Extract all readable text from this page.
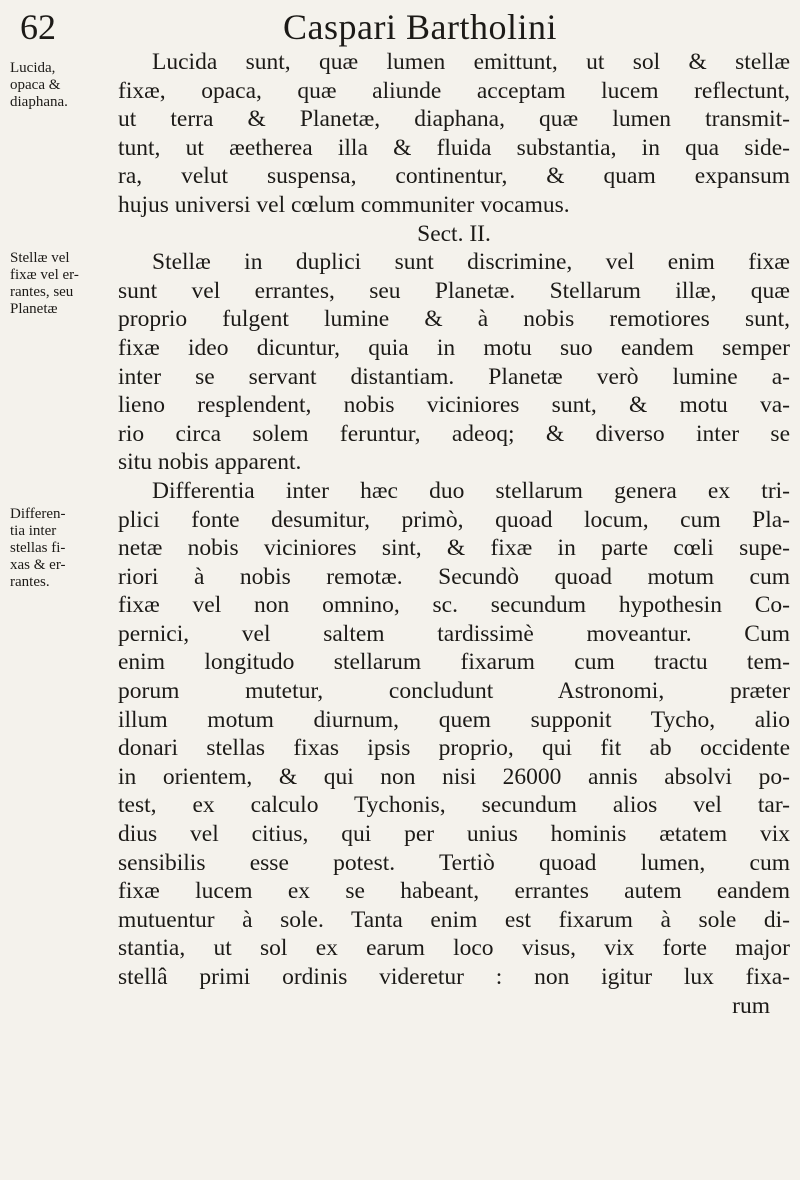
62	Caspari Bartholini
Lucida,
opaca &
diaphana.
Stellæ vel
fixæ vel er-
rantes, seu
Planetæ
Differen-
tia inter
stellas fi-
xas & er-
rantes.
Lucida sunt, quæ lumen emittunt, ut sol & stellæ
fixæ, opaca, quæ aliunde acceptam lucem reflectunt,
ut terra & Planetæ, diaphana, quæ lumen transmit-
tunt, ut æetherea illa & fluida substantia, in qua side-
ra, velut suspensa, continentur, & quam expansum
hujus universi vel cœlum communiter vocamus.
Sect. II.
Stellæ in duplici sunt discrimine, vel enim fixæ
sunt vel errantes, seu Planetæ. Stellarum illæ, quæ
proprio fulgent lumine & à nobis remotiores sunt,
fixæ ideo dicuntur, quia in motu suo eandem semper
inter se servant distantiam. Planetæ verò lumine a-
lieno resplendent, nobis viciniores sunt, & motu va-
rio circa solem feruntur, adeoq; & diverso inter se
situ nobis apparent.
Differentia inter hæc duo stellarum genera ex tri-
plici fonte desumitur, primò, quoad locum, cum Pla-
netæ nobis viciniores sint, & fixæ in parte cœli supe-
riori à nobis remotæ. Secundò quoad motum cum
fixæ vel non omnino, sc. secundum hypothesin Co-
pernici, vel saltem tardissimè moveantur. Cum
enim longitudo stellarum fixarum cum tractu tem-
porum mutetur, concludunt Astronomi, præter
illum motum diurnum, quem supponit Tycho, alio
donari stellas fixas ipsis proprio, qui fit ab occidente
in orientem, & qui non nisi 26000 annis absolvi po-
test, ex calculo Tychonis, secundum alios vel tar-
dius vel citius, qui per unius hominis ætatem vix
sensibilis esse potest. Tertiò quoad lumen, cum
fixæ lucem ex se habeant, errantes autem eandem
mutuentur à sole. Tanta enim est fixarum à sole di-
stantia, ut sol ex earum loco visus, vix forte major
stellâ primi ordinis videretur : non igitur lux fixa-
rum
